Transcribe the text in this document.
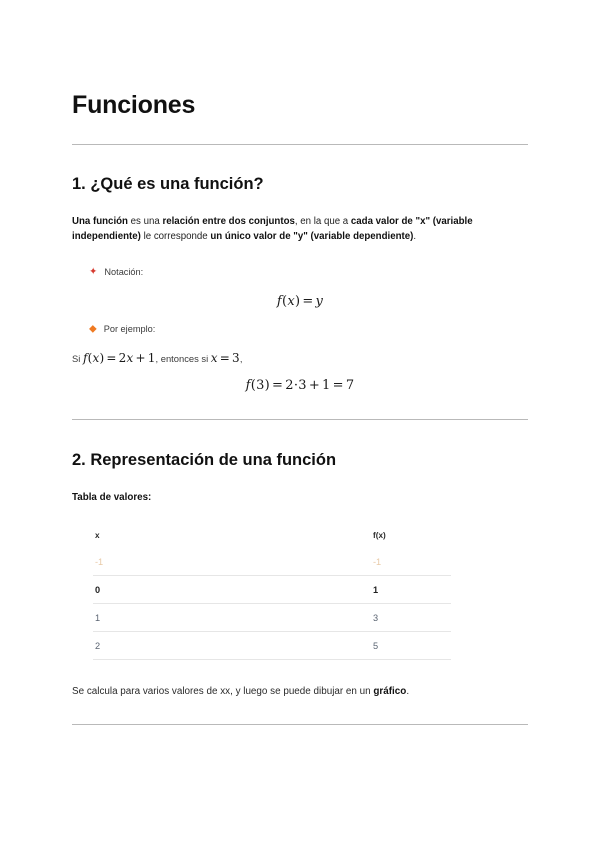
Funciones
1. ¿Qué es una función?

Una función es una relación entre dos conjuntos, en la que a cada valor de "x" (variable independiente) le corresponde un único valor de "y" (variable dependiente).

✦ Notación:
f(x) = y
◆ Por ejemplo:
Si f(x) = 2x + 1, entonces si x = 3,
f(3) = 2·3 + 1 = 7
2. Representación de una función
Tabla de valores:
x	f(x)
-1	-1
0	1
1	3
2	5

Se calcula para varios valores de xx, y luego se puede dibujar en un gráfico.
